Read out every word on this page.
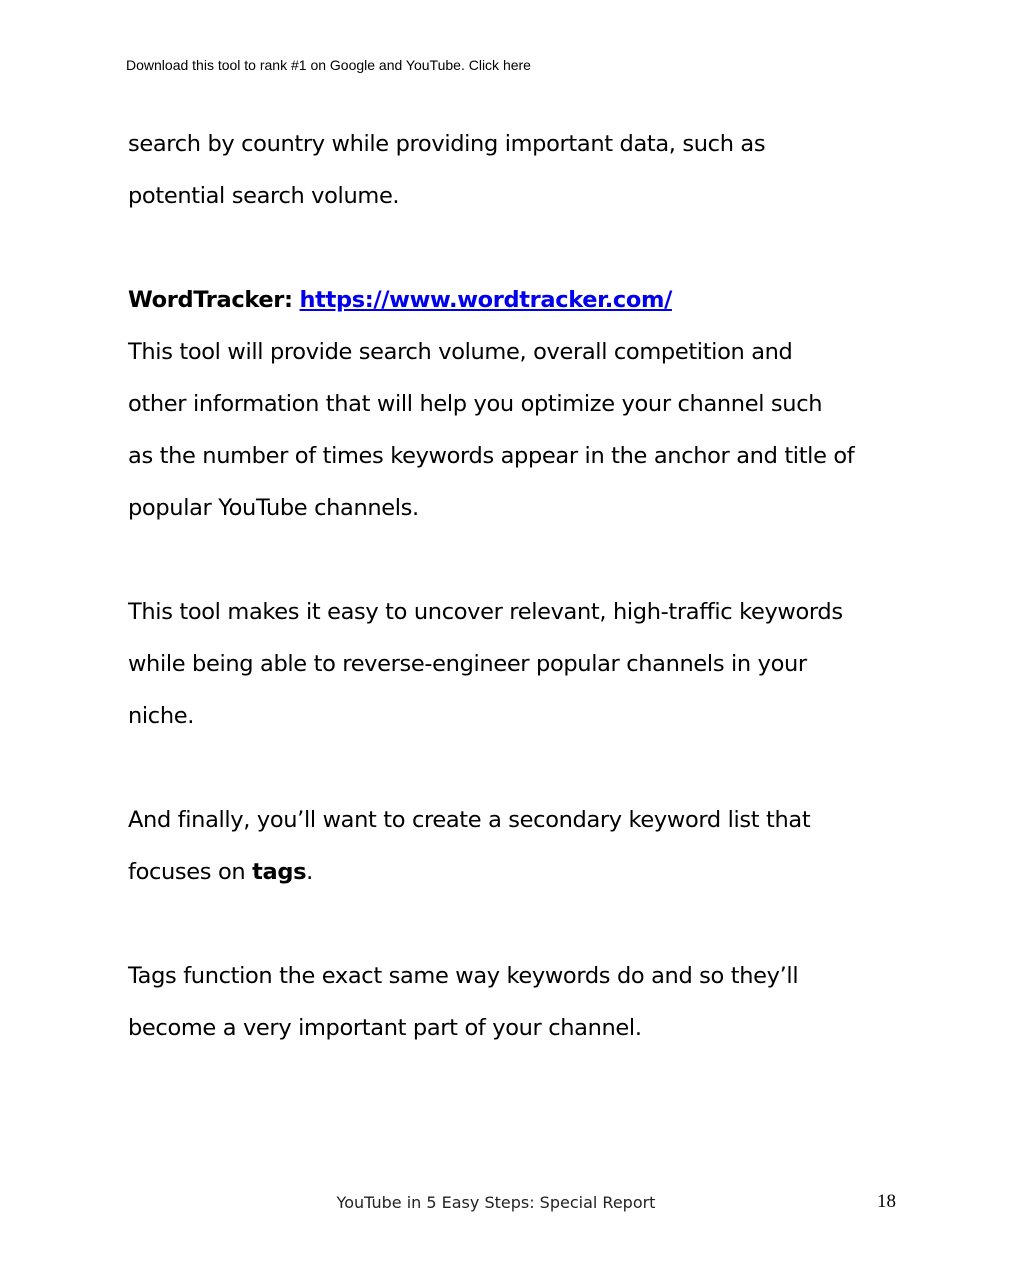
Download this tool to rank #1 on Google and YouTube. Click here

search by country while providing important data, such as
potential search volume.

WordTracker: https://www.wordtracker.com/
This tool will provide search volume, overall competition and
other information that will help you optimize your channel such
as the number of times keywords appear in the anchor and title of
popular YouTube channels.

This tool makes it easy to uncover relevant, high-traffic keywords
while being able to reverse-engineer popular channels in your
niche.

And finally, you’ll want to create a secondary keyword list that
focuses on tags.

Tags function the exact same way keywords do and so they’ll
become a very important part of your channel.

YouTube in 5 Easy Steps: Special Report	18
